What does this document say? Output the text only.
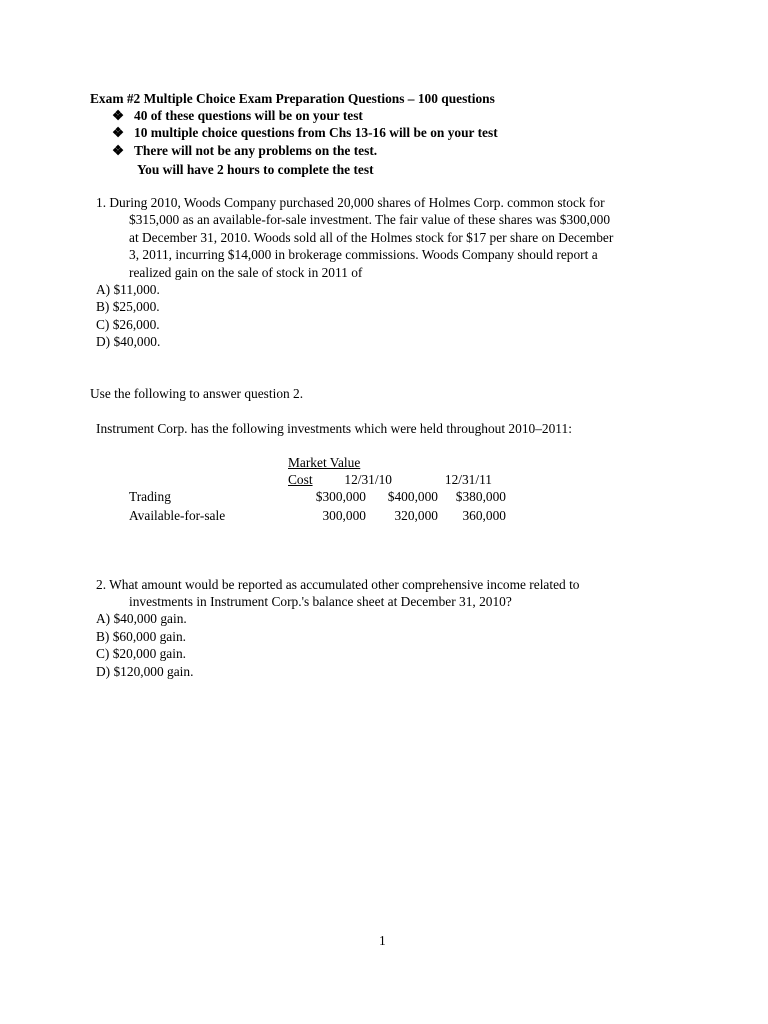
Exam #2 Multiple Choice Exam Preparation Questions – 100 questions
❖ 40 of these questions will be on your test
❖ 10 multiple choice questions from Chs 13-16 will be on your test
❖ There will not be any problems on the test.
You will have 2 hours to complete the test
1. During 2010, Woods Company purchased 20,000 shares of Holmes Corp. common stock for
$315,000 as an available-for-sale investment. The fair value of these shares was $300,000
at December 31, 2010. Woods sold all of the Holmes stock for $17 per share on December
3, 2011, incurring $14,000 in brokerage commissions. Woods Company should report a
realized gain on the sale of stock in 2011 of
A) $11,000.
B) $25,000.
C) $26,000.
D) $40,000.
Use the following to answer question 2.
Instrument Corp. has the following investments which were held throughout 2010–2011:
Market Value
Cost 12/31/10	12/31/11
Trading	$300,000 $400,000 $380,000
Available-for-sale	300,000 320,000 360,000
2. What amount would be reported as accumulated other comprehensive income related to
investments in Instrument Corp.'s balance sheet at December 31, 2010?
A) $40,000 gain.
B) $60,000 gain.
C) $20,000 gain.
D) $120,000 gain.
1
